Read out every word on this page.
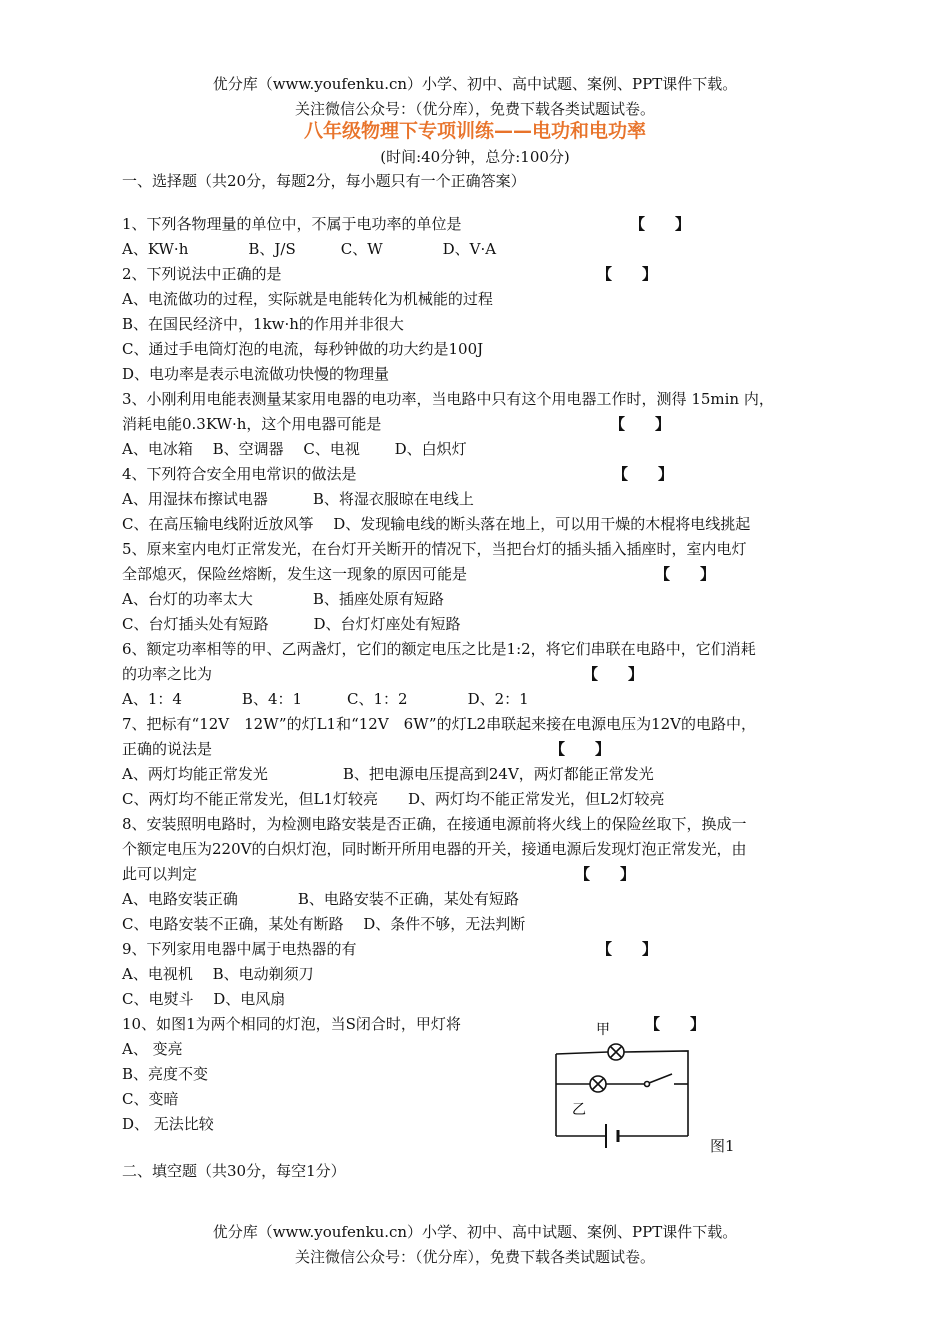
优分库（www.youfenku.cn）小学、初中、高中试题、案例、PPT课件下载。
关注微信公众号：（优分库），免费下载各类试题试卷。
八年级物理下专项训练——电功和电功率
(时间:40分钟，总分:100分)
一、选择题（共20分，每题2分，每小题只有一个正确答案）
1、下列各物理量的单位中，不属于电功率的单位是	【　　】
A、KW·h　　　　B、J/S　　　C、W　　　　D、V·A
2、下列说法中正确的是	【　　】
A、电流做功的过程，实际就是电能转化为机械能的过程
B、在国民经济中，1kw·h的作用并非很大
C、通过手电筒灯泡的电流，每秒钟做的功大约是100J
D、电功率是表示电流做功快慢的物理量
3、小刚利用电能表测量某家用电器的电功率，当电路中只有这个用电器工作时，测得 15min 内，
消耗电能0.3KW·h，这个用电器可能是	【　　】
A、电冰箱　 B、空调器　 C、电视　　 D、白炽灯
4、下列符合安全用电常识的做法是	【　　】
A、用湿抹布擦试电器　　　B、将湿衣服晾在电线上
C、在高压输电线附近放风筝　 D、发现输电线的断头落在地上，可以用干燥的木棍将电线挑起
5、原来室内电灯正常发光，在台灯开关断开的情况下，当把台灯的插头插入插座时，室内电灯
全部熄灭，保险丝熔断，发生这一现象的原因可能是	【　　】
A、台灯的功率太大　　　　B、插座处原有短路
C、台灯插头处有短路　　　D、台灯灯座处有短路
6、额定功率相等的甲、乙两盏灯，它们的额定电压之比是1:2，将它们串联在电路中，它们消耗
的功率之比为	【　　】
A、1：4　　　　B、4：1　　　C、1：2　　　　D、2：1
7、把标有“12V　12W”的灯L1和“12V　6W”的灯L2串联起来接在电源电压为12V的电路中，
正确的说法是	【　　】
A、两灯均能正常发光　　　　　B、把电源电压提高到24V，两灯都能正常发光
C、两灯均不能正常发光，但L1灯较亮　　D、两灯均不能正常发光，但L2灯较亮
8、安装照明电路时，为检测电路安装是否正确，在接通电源前将火线上的保险丝取下，换成一
个额定电压为220V的白炽灯泡，同时断开所用电器的开关，接通电源后发现灯泡正常发光，由
此可以判定	【　　】
A、电路安装正确　　　　B、电路安装不正确，某处有短路
C、电路安装不正确，某处有断路　 D、条件不够，无法判断
9、下列家用电器中属于电热器的有	【　　】
A、电视机　 B、电动剃须刀
C、电熨斗　 D、电风扇
10、如图1为两个相同的灯泡，当S闭合时，甲灯将	【　　】
A、 变亮
B、亮度不变
C、变暗
D、 无法比较
甲
乙
图1
二、填空题（共30分，每空1分）
优分库（www.youfenku.cn）小学、初中、高中试题、案例、PPT课件下载。
关注微信公众号：（优分库），免费下载各类试题试卷。
